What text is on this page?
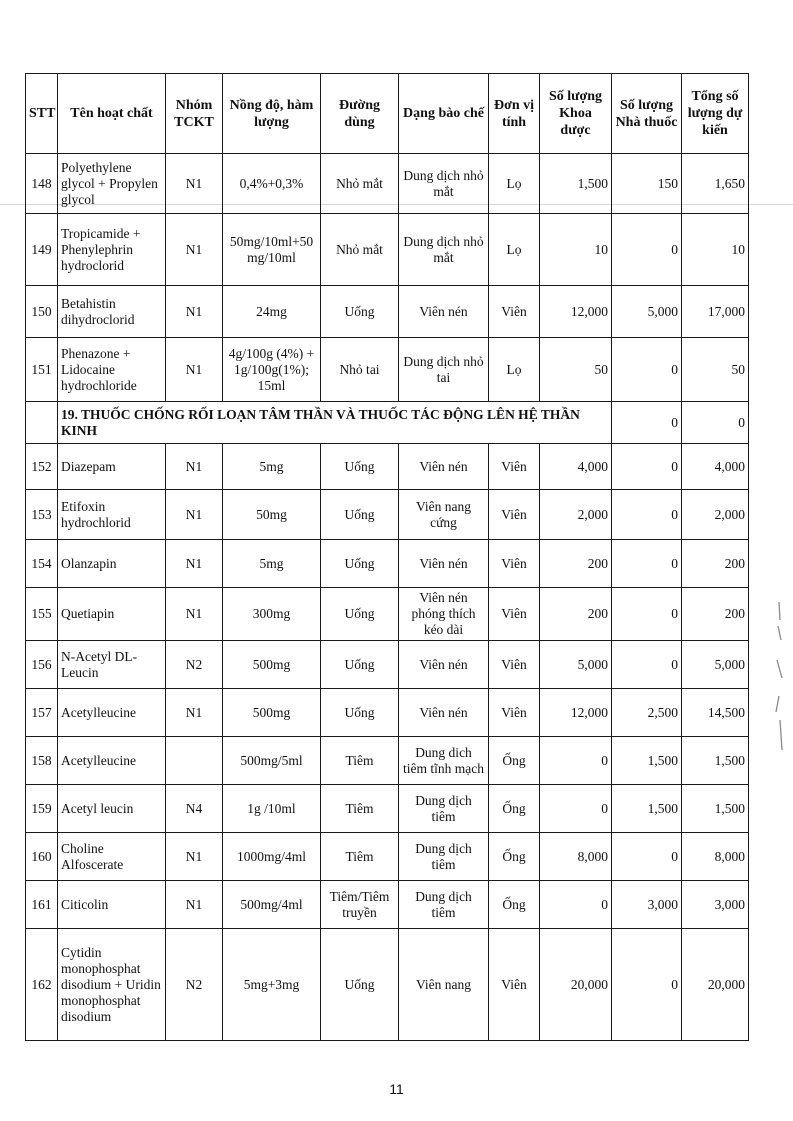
STT	Tên hoạt chất	Nhóm TCKT	Nồng độ, hàm lượng	Đường dùng	Dạng bào chế	Đơn vị tính	Số lượng Khoa dược	Số lượng Nhà thuốc	Tổng số lượng dự kiến
148	Polyethylene glycol + Propylen glycol	N1	0,4%+0,3%	Nhỏ mắt	Dung dịch nhỏ mắt	Lọ	1,500	150	1,650
149	Tropicamide + Phenylephrin hydroclorid	N1	50mg/10ml+50 mg/10ml	Nhỏ mắt	Dung dịch nhỏ mắt	Lọ	10	0	10
150	Betahistin dihydroclorid	N1	24mg	Uống	Viên nén	Viên	12,000	5,000	17,000
151	Phenazone + Lidocaine hydrochloride	N1	4g/100g (4%) + 1g/100g(1%); 15ml	Nhỏ tai	Dung dịch nhỏ tai	Lọ	50	0	50
	19. THUỐC CHỐNG RỐI LOẠN TÂM THẦN VÀ THUỐC TÁC ĐỘNG LÊN HỆ THẦN KINH							0	0
152	Diazepam	N1	5mg	Uống	Viên nén	Viên	4,000	0	4,000
153	Etifoxin hydrochlorid	N1	50mg	Uống	Viên nang cứng	Viên	2,000	0	2,000
154	Olanzapin	N1	5mg	Uống	Viên nén	Viên	200	0	200
155	Quetiapin	N1	300mg	Uống	Viên nén phóng thích kéo dài	Viên	200	0	200
156	N-Acetyl DL-Leucin	N2	500mg	Uống	Viên nén	Viên	5,000	0	5,000
157	Acetylleucine	N1	500mg	Uống	Viên nén	Viên	12,000	2,500	14,500
158	Acetylleucine		500mg/5ml	Tiêm	Dung dich tiêm tĩnh mạch	Ống	0	1,500	1,500
159	Acetyl leucin	N4	1g /10ml	Tiêm	Dung dịch tiêm	Ống	0	1,500	1,500
160	Choline Alfoscerate	N1	1000mg/4ml	Tiêm	Dung dịch tiêm	Ống	8,000	0	8,000
161	Citicolin	N1	500mg/4ml	Tiêm/Tiêm truyền	Dung dịch tiêm	Ống	0	3,000	3,000
162	Cytidin monophosphat disodium + Uridin monophosphat disodium	N2	5mg+3mg	Uống	Viên nang	Viên	20,000	0	20,000
11
